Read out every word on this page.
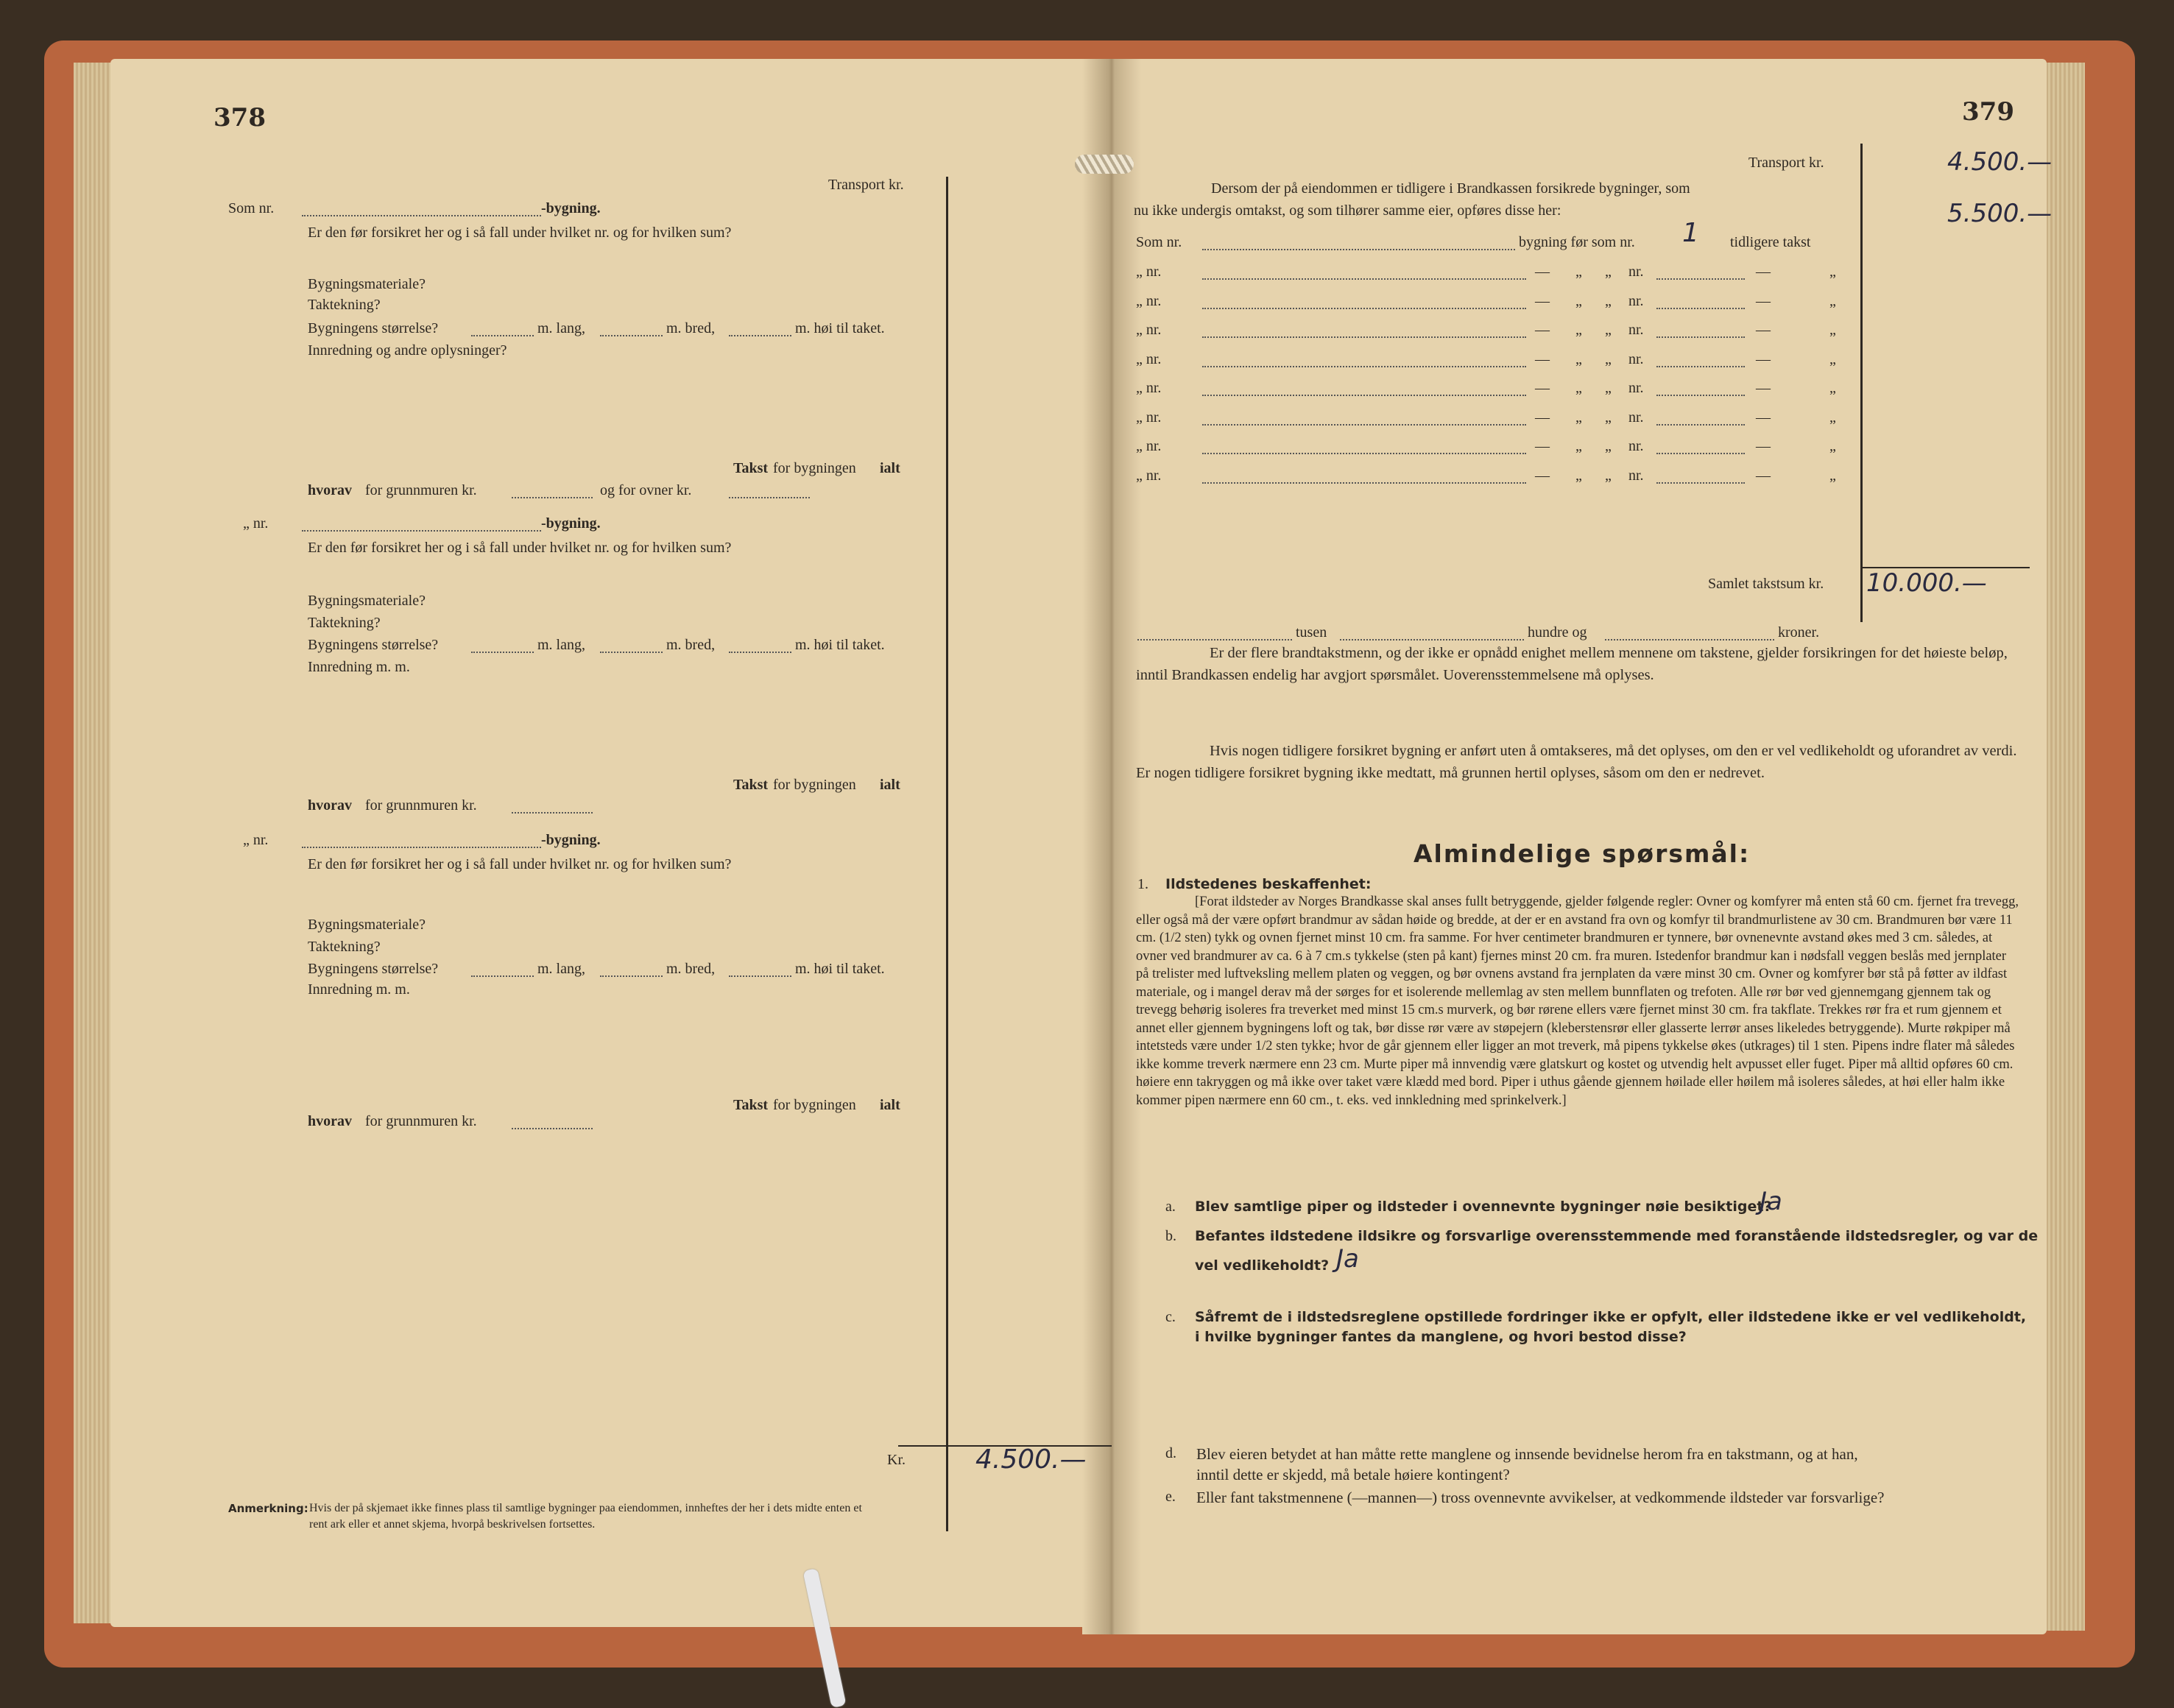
378
Transport kr.
Som nr.	-bygning.
Er den før forsikret her og i så fall under hvilket nr. og for hvilken sum?
Bygningsmateriale?
Taktekning?
Bygningens størrelse?	m. lang,	m. bred,	m. høi til taket.
Innredning og andre oplysninger?
Takst for bygningen ialt
hvorav for grunnmuren kr.	og for ovner kr.
„ nr.	-bygning.
Er den før forsikret her og i så fall under hvilket nr. og for hvilken sum?
Bygningsmateriale?
Taktekning?
Bygningens størrelse?	m. lang,	m. bred,	m. høi til taket.
Innredning m. m.
Takst for bygningen ialt
hvorav for grunnmuren kr.
„ nr.	-bygning.
Er den før forsikret her og i så fall under hvilket nr. og for hvilken sum?
Bygningsmateriale?
Taktekning?
Bygningens størrelse?	m. lang,	m. bred,	m. høi til taket.
Innredning m. m.
Takst for bygningen ialt
hvorav for grunnmuren kr.
Kr.	4.500.—
Anmerkning: Hvis der på skjemaet ikke finnes plass til samtlige bygninger paa eiendommen, innheftes der her i dets midte enten et
rent ark eller et annet skjema, hvorpå beskrivelsen fortsettes.
379
Transport kr.	4.500.—
Dersom der på eiendommen er tidligere i Brandkassen forsikrede bygninger, som
nu ikke undergis omtakst, og som tilhører samme eier, opføres disse her:	5.500.—
Som nr.	bygning før som nr. 1 tidligere takst
„ nr.	— „ „ nr.	—	„
„ nr.	— „ „ nr.	—	„
„ nr.	— „ „ nr.	—	„
„ nr.	— „ „ nr.	—	„
„ nr.	— „ „ nr.	—	„
„ nr.	— „ „ nr.	—	„
„ nr.	— „ „ nr.	—	„
„ nr.	— „ „ nr.	—	„
Samlet takstsum kr. 10.000.—
tusen	hundre og	kroner.
Er der flere brandtakstmenn, og der ikke er opnådd enighet mellem mennene om takstene, gjelder forsikringen for det høieste beløp, inntil Brandkassen endelig har avgjort spørsmålet. Uoverensstemmelsene må oplyses.
Hvis nogen tidligere forsikret bygning er anført uten å omtakseres, må det oplyses, om den er vel vedlikeholdt og uforandret av verdi. Er nogen tidligere forsikret bygning ikke medtatt, må grunnen hertil oplyses, såsom om den er nedrevet.
Almindelige spørsmål:
1. Ildstedenes beskaffenhet:
[Forat ildsteder av Norges Brandkasse skal anses fullt betryggende, gjelder følgende regler: Ovner og komfyrer må enten stå 60 cm. fjernet fra trevegg, eller også må der være opført brandmur av sådan høide og bredde, at der er en avstand fra ovn og komfyr til brandmurlistene av 30 cm. Brandmuren bør være 11 cm. (1/2 sten) tykk og ovnen fjernet minst 10 cm. fra samme. For hver centimeter brandmuren er tynnere, bør ovnenevnte avstand økes med 3 cm. således, at ovner ved brandmurer av ca. 6 à 7 cm.s tykkelse (sten på kant) fjernes minst 20 cm. fra muren. Istedenfor brandmur kan i nødsfall veggen beslås med jernplater på trelister med luftveksling mellem platen og veggen, og bør ovnens avstand fra jernplaten da være minst 30 cm. Ovner og komfyrer bør stå på føtter av ildfast materiale, og i mangel derav må der sørges for et isolerende mellemlag av sten mellem bunnflaten og trefoten. Alle rør bør ved gjennemgang gjennem tak og trevegg behørig isoleres fra treverket med minst 15 cm.s murverk, og bør rørene ellers være fjernet minst 30 cm. fra takflate. Trekkes rør fra et rum gjennem et annet eller gjennem bygningens loft og tak, bør disse rør være av støpejern (kleberstensrør eller glasserte lerrør anses likeledes betryggende). Murte røkpiper må intetsteds være under 1/2 sten tykke; hvor de går gjennem eller ligger an mot treverk, må pipens tykkelse økes (utkrages) til 1 sten. Pipens indre flater må således ikke komme treverk nærmere enn 23 cm. Murte piper må innvendig være glatskurt og kostet og utvendig helt avpusset eller fuget. Piper må alltid opføres 60 cm. høiere enn takryggen og må ikke over taket være klædd med bord. Piper i uthus gående gjennem høilade eller høilem må isoleres således, at høi eller halm ikke kommer pipen nærmere enn 60 cm., t. eks. ved innkledning med sprinkelverk.]
a. Blev samtlige piper og ildsteder i ovennevnte bygninger nøie besiktiget?
Ja
b. Befantes ildstedene ildsikre og forsvarlige overensstemmende med foranstående ildstedsregler, og var de
vel vedlikeholdt? Ja
c. Såfremt de i ildstedsreglene opstillede fordringer ikke er opfylt, eller ildstedene ikke er vel vedlikeholdt,
i hvilke bygninger fantes da manglene, og hvori bestod disse?
d. Blev eieren betydet at han måtte rette manglene og innsende bevidnelse herom fra en takstmann, og at han,
inntil dette er skjedd, må betale høiere kontingent?
e. Eller fant takstmennene (—mannen—) tross ovennevnte avvikelser, at vedkommende ildsteder var forsvarlige?
